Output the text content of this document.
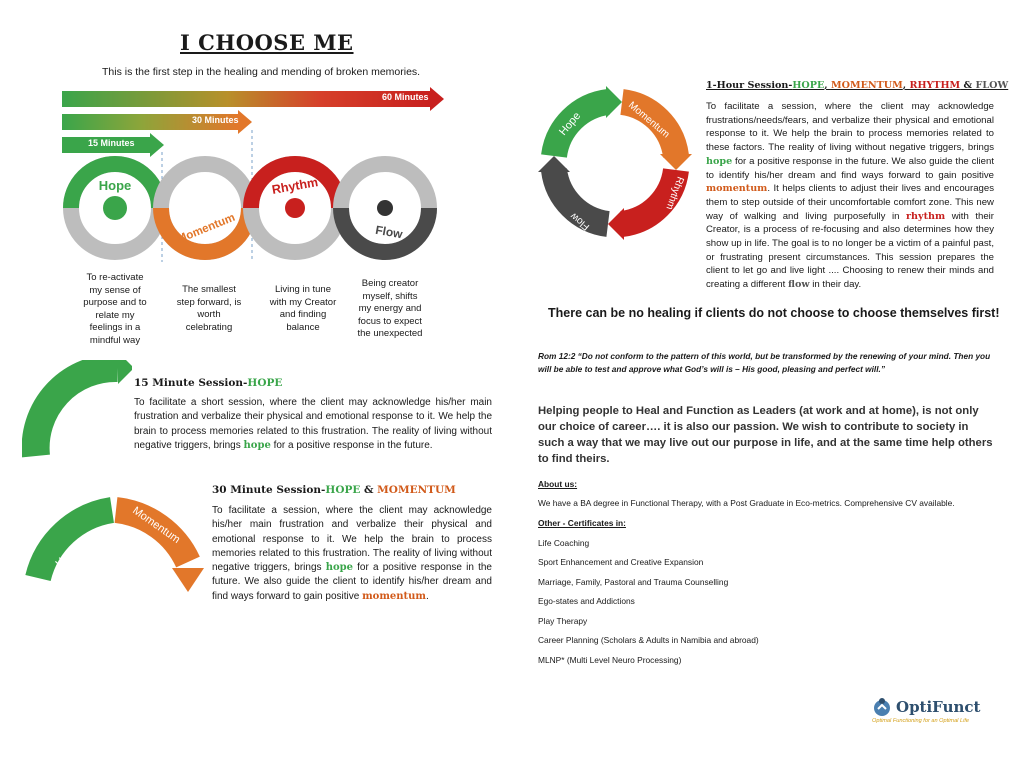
I CHOOSE ME
This is the first step in the healing and mending of broken memories.
60 Minutes
30 Minutes
15 Minutes
Hope
Momentum
Rhythm
Flow
To re-activate
my sense of
purpose and to
relate my
feelings in a
mindful way
The smallest
step forward, is
worth
celebrating
Living in tune
with my Creator
and finding
balance
Being creator
myself, shifts
my energy and
focus to expect
the unexpected
Hope
15 Minute Session-HOPE
To facilitate a short session, where the client may acknowledge his/her main frustration and verbalize their physical and emotional response to it. We help the brain to process memories related to this frustration. The reality of living without negative triggers, brings hope for a positive response in the future.
Hope
Momentum
30 Minute Session-HOPE & MOMENTUM
To facilitate a session, where the client may acknowledge his/her main frustration and verbalize their physical and emotional response to it. We help the brain to process memories related to this frustration. The reality of living without negative triggers, brings hope for a positive response in the future. We also guide the client to identify his/her dream and find ways forward to gain positive momentum.
Hope	Momentum
Rhythm
Flow
1-Hour Session-HOPE, MOMENTUM, RHYTHM & FLOW
To facilitate a session, where the client may acknowledge frustrations/needs/fears, and verbalize their physical and emotional response to it. We help the brain to process memories related to these factors. The reality of living without negative triggers, brings hope for a positive response in the future. We also guide the client to identify his/her dream and find ways forward to gain positive momentum. It helps clients to adjust their lives and encourages them to step outside of their uncomfortable comfort zone. This new way of walking and living purposefully in rhythm with their Creator, is a process of re-focusing and also determines how they show up in life. The goal is to no longer be a victim of a painful past, or frustrating present circumstances. This session prepares the client to let go and live light .... Choosing to renew their minds and creating a different flow in their day.
There can be no healing if clients do not choose to choose themselves first!
Rom 12:2 “Do not conform to the pattern of this world, but be transformed by the renewing of your mind. Then you will be able to test and approve what God’s will is – His good, pleasing and perfect will.”
Helping people to Heal and Function as Leaders (at work and at home), is not only our choice of career…. it is also our passion. We wish to contribute to society in such a way that we may live out our purpose in life, and at the same time help others to find theirs.
About us:
We have a BA degree in Functional Therapy, with a Post Graduate in Eco-metrics. Comprehensive CV available.
Other - Certificates in:
Life Coaching
Sport Enhancement and Creative Expansion
Marriage, Family, Pastoral and Trauma Counselling
Ego-states and Addictions
Play Therapy
Career Planning (Scholars & Adults in Namibia and abroad)
MLNP* (Multi Level Neuro Processing)
OptiFunct
Optimal Functioning for an Optimal Life
